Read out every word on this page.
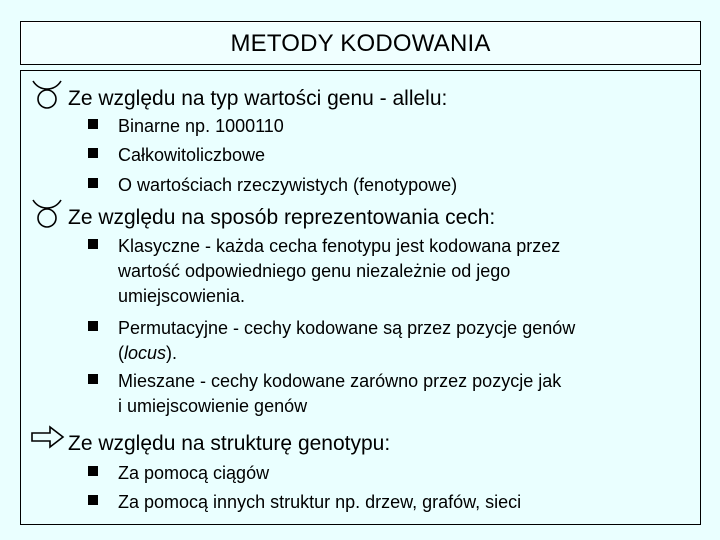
METODY KODOWANIA
Ze względu na typ wartości genu - allelu:
Binarne np. 1000110
Całkowitoliczbowe
O wartościach rzeczywistych (fenotypowe)
Ze względu na sposób reprezentowania cech:
Klasyczne - każda cecha fenotypu jest kodowana przez
wartość odpowiedniego genu niezależnie od jego
umiejscowienia.
Permutacyjne - cechy kodowane są przez pozycje genów
(locus).
Mieszane - cechy kodowane zarówno przez pozycje jak
i umiejscowienie genów
Ze względu na strukturę genotypu:
Za pomocą ciągów
Za pomocą innych struktur np. drzew, grafów, sieci
